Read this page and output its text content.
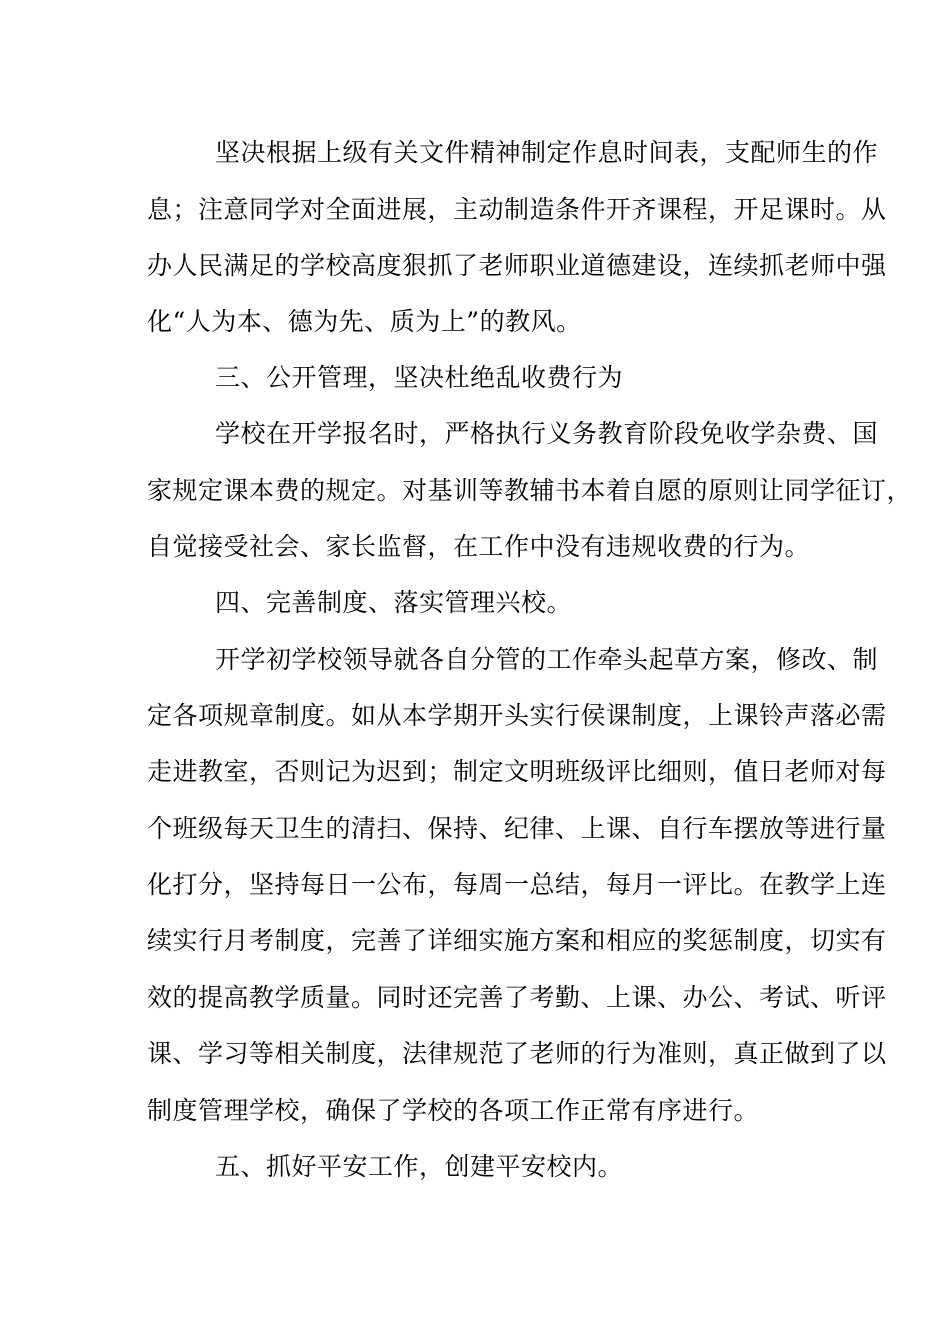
坚决根据上级有关文件精神制定作息时间表，支配师生的作
息；注意同学对全面进展，主动制造条件开齐课程，开足课时。从
办人民满足的学校高度狠抓了老师职业道德建设，连续抓老师中强
化“人为本、德为先、质为上”的教风。
三、公开管理，坚决杜绝乱收费行为
学校在开学报名时，严格执行义务教育阶段免收学杂费、国
家规定课本费的规定。对基训等教辅书本着自愿的原则让同学征订，
自觉接受社会、家长监督，在工作中没有违规收费的行为。
四、完善制度、落实管理兴校。
开学初学校领导就各自分管的工作牵头起草方案，修改、制
定各项规章制度。如从本学期开头实行侯课制度，上课铃声落必需
走进教室，否则记为迟到；制定文明班级评比细则，值日老师对每
个班级每天卫生的清扫、保持、纪律、上课、自行车摆放等进行量
化打分，坚持每日一公布，每周一总结，每月一评比。在教学上连
续实行月考制度，完善了详细实施方案和相应的奖惩制度，切实有
效的提高教学质量。同时还完善了考勤、上课、办公、考试、听评
课、学习等相关制度，法律规范了老师的行为准则，真正做到了以
制度管理学校，确保了学校的各项工作正常有序进行。
五、抓好平安工作，创建平安校内。
